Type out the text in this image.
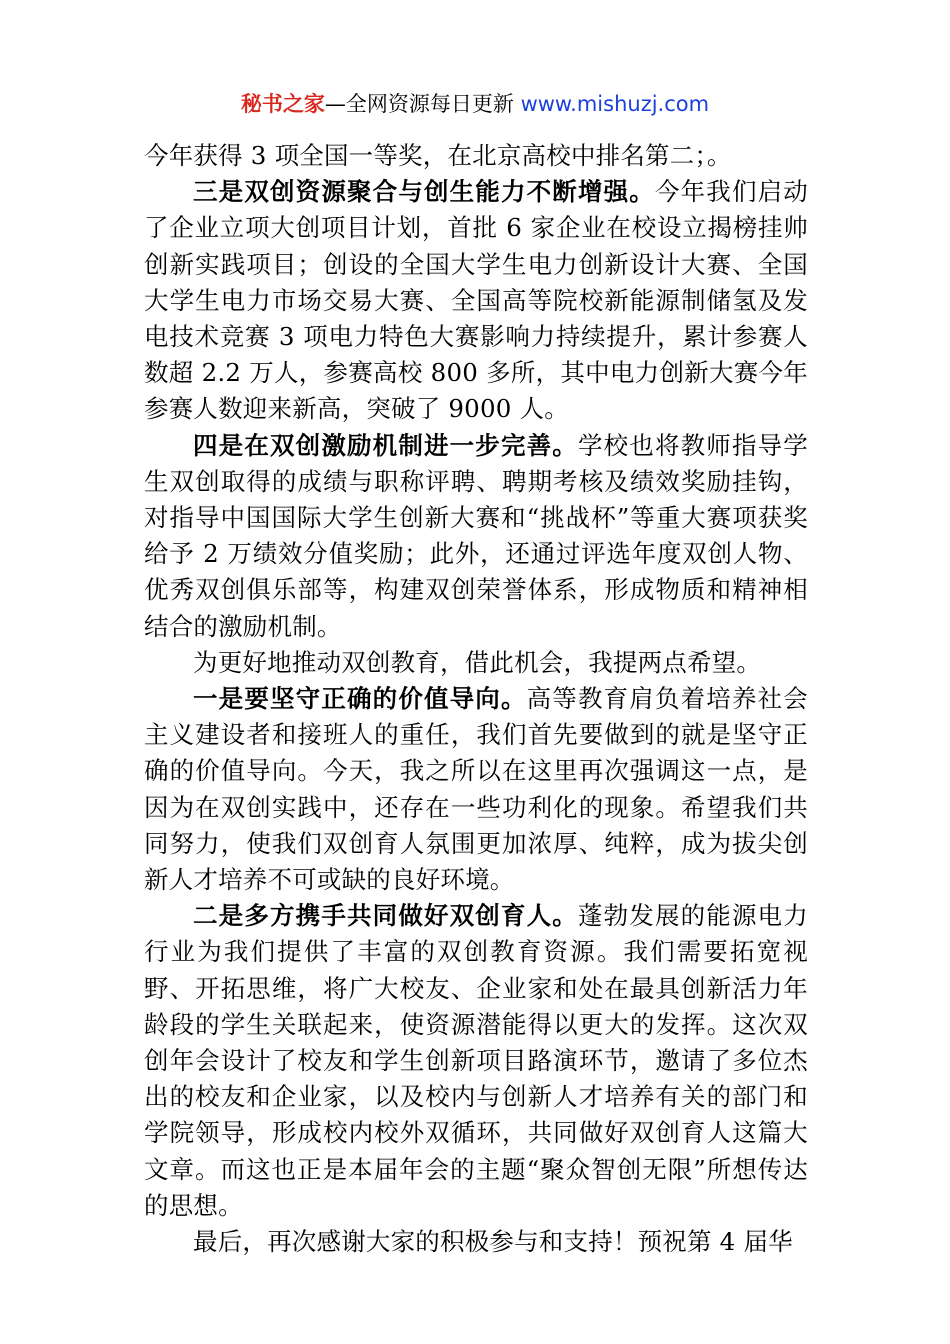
秘书之家—全网资源每日更新 www.mishuzj.com

今年获得 3 项全国一等奖，在北京高校中排名第二；。

三是双创资源聚合与创生能力不断增强。今年我们启动了企业立项大创项目计划，首批 6 家企业在校设立揭榜挂帅创新实践项目；创设的全国大学生电力创新设计大赛、全国大学生电力市场交易大赛、全国高等院校新能源制储氢及发电技术竞赛 3 项电力特色大赛影响力持续提升，累计参赛人数超 2.2 万人，参赛高校 800 多所，其中电力创新大赛今年参赛人数迎来新高，突破了 9000 人。

四是在双创激励机制进一步完善。学校也将教师指导学生双创取得的成绩与职称评聘、聘期考核及绩效奖励挂钩，对指导中国国际大学生创新大赛和“挑战杯”等重大赛项获奖给予 2 万绩效分值奖励；此外，还通过评选年度双创人物、优秀双创俱乐部等，构建双创荣誉体系，形成物质和精神相结合的激励机制。

为更好地推动双创教育，借此机会，我提两点希望。

一是要坚守正确的价值导向。高等教育肩负着培养社会主义建设者和接班人的重任，我们首先要做到的就是坚守正确的价值导向。今天，我之所以在这里再次强调这一点，是因为在双创实践中，还存在一些功利化的现象。希望我们共同努力，使我们双创育人氛围更加浓厚、纯粹，成为拔尖创新人才培养不可或缺的良好环境。

二是多方携手共同做好双创育人。蓬勃发展的能源电力行业为我们提供了丰富的双创教育资源。我们需要拓宽视野、开拓思维，将广大校友、企业家和处在最具创新活力年龄段的学生关联起来，使资源潜能得以更大的发挥。这次双创年会设计了校友和学生创新项目路演环节，邀请了多位杰出的校友和企业家，以及校内与创新人才培养有关的部门和学院领导，形成校内校外双循环，共同做好双创育人这篇大文章。而这也正是本届年会的主题“聚众智创无限”所想传达的思想。

最后，再次感谢大家的积极参与和支持！预祝第 4 届华
